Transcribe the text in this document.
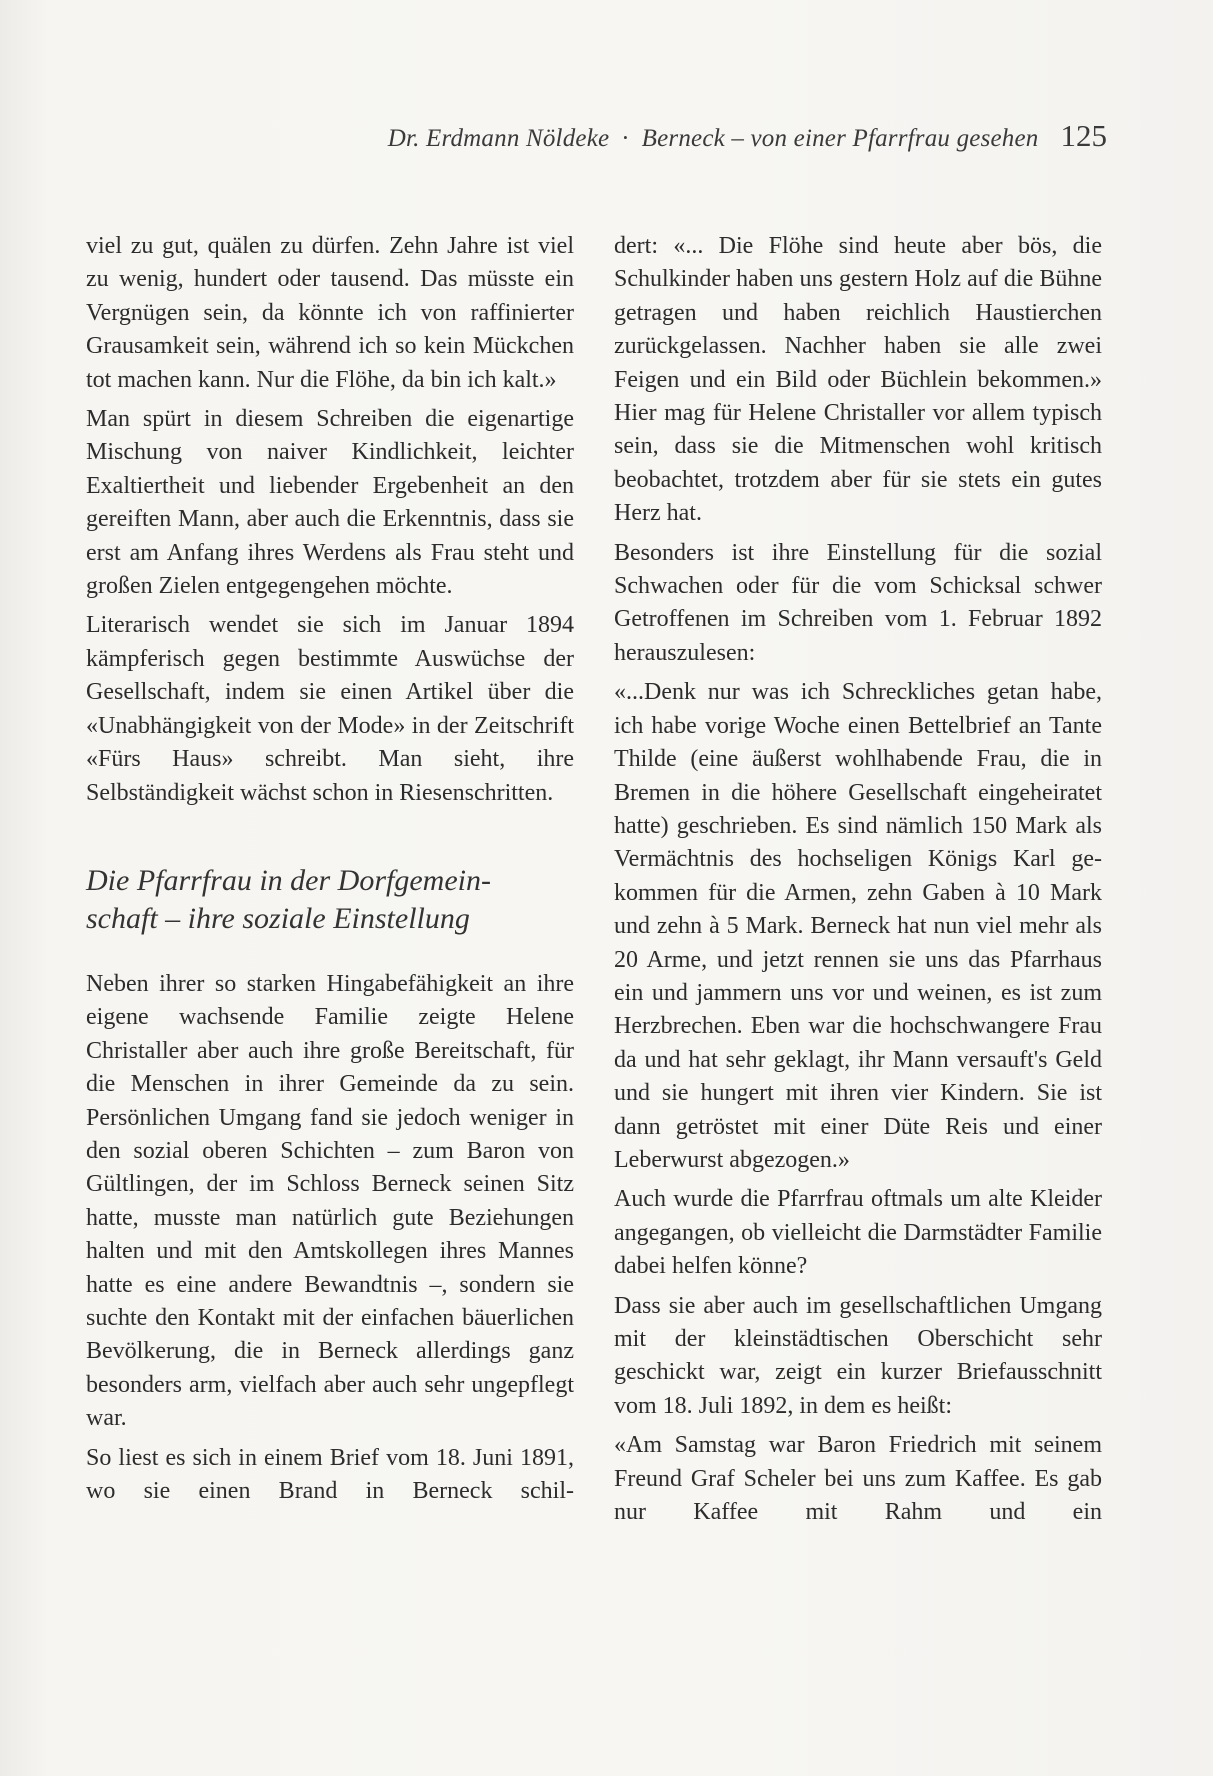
Dr. Erdmann Nöldeke · Berneck – von einer Pfarrfrau gesehen 125

viel zu gut, quälen zu dürfen. Zehn Jahre ist viel zu wenig, hundert oder tausend. Das müsste ein Vergnügen sein, da könnte ich von raffinierter Grausamkeit sein, während ich so kein Mückchen tot machen kann. Nur die Flöhe, da bin ich kalt.»

Man spürt in diesem Schreiben die eigenartige Mischung von naiver Kindlichkeit, leichter Exaltiertheit und liebender Ergebenheit an den gereiften Mann, aber auch die Erkenntnis, dass sie erst am Anfang ihres Werdens als Frau steht und großen Zielen entgegengehen möchte.

Literarisch wendet sie sich im Januar 1894 kämpferisch gegen bestimmte Auswüchse der Gesellschaft, indem sie einen Artikel über die «Unabhängigkeit von der Mode» in der Zeitschrift «Fürs Haus» schreibt. Man sieht, ihre Selbständigkeit wächst schon in Riesenschritten.

Die Pfarrfrau in der Dorfgemein-
schaft – ihre soziale Einstellung

Neben ihrer so starken Hingabefähigkeit an ihre eigene wachsende Familie zeigte Helene Christaller aber auch ihre große Bereitschaft, für die Menschen in ihrer Gemeinde da zu sein. Persönlichen Umgang fand sie jedoch weniger in den sozial oberen Schichten – zum Baron von Gültlingen, der im Schloss Berneck seinen Sitz hatte, musste man natürlich gute Beziehungen halten und mit den Amtskollegen ihres Mannes hatte es eine andere Bewandtnis –, sondern sie suchte den Kontakt mit der einfachen bäuerlichen Bevölkerung, die in Berneck allerdings ganz besonders arm, vielfach aber auch sehr ungepflegt war.

So liest es sich in einem Brief vom 18. Juni 1891, wo sie einen Brand in Berneck schil-

dert: «... Die Flöhe sind heute aber bös, die Schulkinder haben uns gestern Holz auf die Bühne getragen und haben reichlich Haustierchen zurückgelassen. Nachher haben sie alle zwei Feigen und ein Bild oder Büchlein bekommen.» Hier mag für Helene Christaller vor allem typisch sein, dass sie die Mitmenschen wohl kritisch beobachtet, trotzdem aber für sie stets ein gutes Herz hat.

Besonders ist ihre Einstellung für die sozial Schwachen oder für die vom Schicksal schwer Getroffenen im Schreiben vom 1. Februar 1892 herauszulesen:

«...Denk nur was ich Schreckliches getan habe, ich habe vorige Woche einen Bettelbrief an Tante Thilde (eine äußerst wohlhabende Frau, die in Bremen in die höhere Gesellschaft eingeheiratet hatte) geschrieben. Es sind nämlich 150 Mark als Vermächtnis des hochseligen Königs Karl gekommen für die Armen, zehn Gaben à 10 Mark und zehn à 5 Mark. Berneck hat nun viel mehr als 20 Arme, und jetzt rennen sie uns das Pfarrhaus ein und jammern uns vor und weinen, es ist zum Herzbrechen. Eben war die hochschwangere Frau da und hat sehr geklagt, ihr Mann versauft's Geld und sie hungert mit ihren vier Kindern. Sie ist dann getröstet mit einer Düte Reis und einer Leberwurst abgezogen.»

Auch wurde die Pfarrfrau oftmals um alte Kleider angegangen, ob vielleicht die Darmstädter Familie dabei helfen könne?

Dass sie aber auch im gesellschaftlichen Umgang mit der kleinstädtischen Oberschicht sehr geschickt war, zeigt ein kurzer Briefausschnitt vom 18. Juli 1892, in dem es heißt:

«Am Samstag war Baron Friedrich mit seinem Freund Graf Scheler bei uns zum Kaffee. Es gab nur Kaffee mit Rahm und ein
